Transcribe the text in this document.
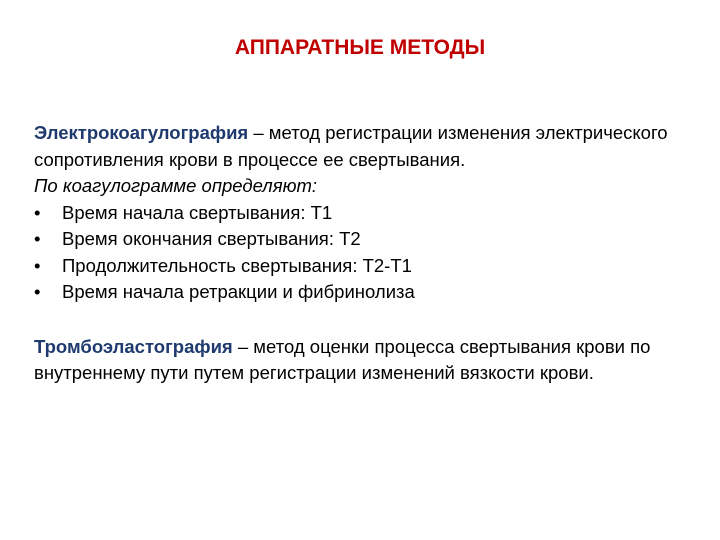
АППАРАТНЫЕ МЕТОДЫ

Электрокоагулография – метод регистрации изменения электрического сопротивления крови в процессе ее свертывания.

По коагулограмме определяют:

• Время начала свертывания: Т1
• Время окончания свертывания: Т2
• Продолжительность свертывания: Т2-Т1
• Время начала ретракции и фибринолиза

Тромбоэластография – метод оценки процесса свертывания крови по внутреннему пути путем регистрации изменений вязкости крови.
